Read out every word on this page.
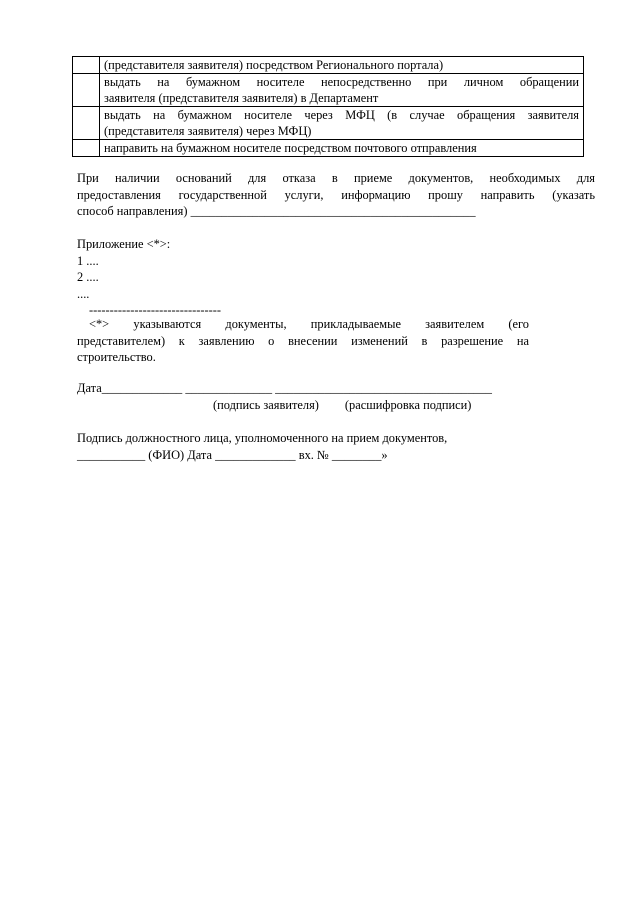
	(представителя заявителя) посредством Регионального портала)

	выдать на бумажном носителе непосредственно при личном обращении
заявителя (представителя заявителя) в Департамент

	выдать на бумажном носителе через МФЦ (в случае обращения заявителя
(представителя заявителя) через МФЦ)

	направить на бумажном носителе посредством почтового отправления
При наличии оснований для отказа в приеме документов, необходимых для
предоставления государственной услуги, информацию прошу направить (указать
способ направления) ______________________________________________
Приложение <*>:
1 ....
2 ....
....
--------------------------------
<*> указываются документы, прикладываемые заявителем (его
представителем) к заявлению о внесении изменений в разрешение на
строительство.
Дата_____________ ______________ ___________________________________
(подпись заявителя) (расшифровка подписи)
Подпись должностного лица, уполномоченного на прием документов,
___________ (ФИО) Дата _____________ вх. № ________»
